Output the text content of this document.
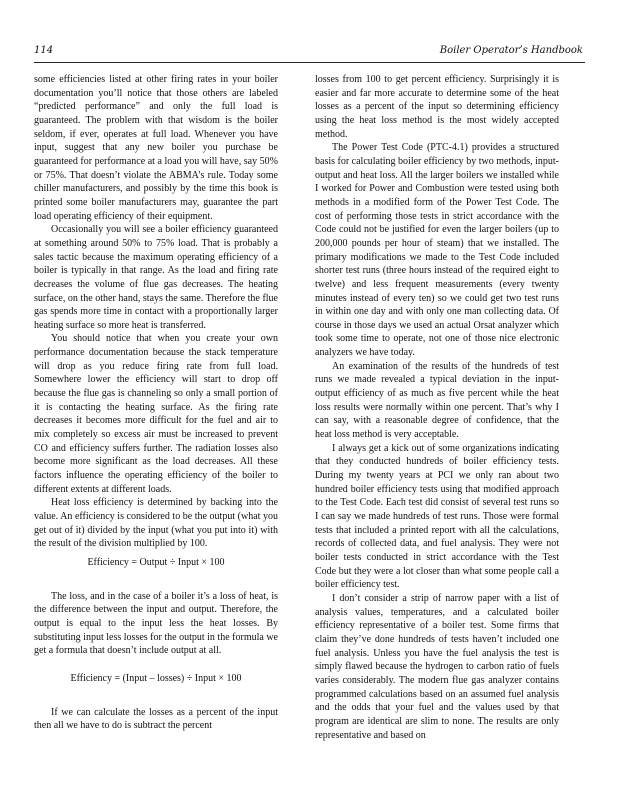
114	Boiler Operator’s Handbook

some efficiencies listed at other firing rates in your boiler documentation you’ll notice that those others are labeled “predicted performance” and only the full load is guaranteed. The problem with that wisdom is the boiler seldom, if ever, operates at full load. Whenever you have input, suggest that any new boiler you purchase be guaranteed for performance at a load you will have, say 50% or 75%. That doesn’t violate the ABMA’s rule. Today some chiller manufacturers, and possibly by the time this book is printed some boiler manufacturers may, guarantee the part load operating efficiency of their equipment.

Occasionally you will see a boiler efficiency guaranteed at something around 50% to 75% load. That is probably a sales tactic because the maximum operating efficiency of a boiler is typically in that range. As the load and firing rate decreases the volume of flue gas decreases. The heating surface, on the other hand, stays the same. Therefore the flue gas spends more time in contact with a proportionally larger heating surface so more heat is transferred.

You should notice that when you create your own performance documentation because the stack temperature will drop as you reduce firing rate from full load. Somewhere lower the efficiency will start to drop off because the flue gas is channeling so only a small portion of it is contacting the heating surface. As the firing rate decreases it becomes more difficult for the fuel and air to mix completely so excess air must be increased to prevent CO and efficiency suffers further. The radiation losses also become more significant as the load decreases. All these factors influence the operating efficiency of the boiler to different extents at different loads.

Heat loss efficiency is determined by backing into the value. An efficiency is considered to be the output (what you get out of it) divided by the input (what you put into it) with the result of the division multiplied by 100.

Efficiency = Output ÷ Input × 100

The loss, and in the case of a boiler it’s a loss of heat, is the difference between the input and output. Therefore, the output is equal to the input less the heat losses. By substituting input less losses for the output in the formula we get a formula that doesn’t include output at all.

Efficiency = (Input – losses) ÷ Input × 100

If we can calculate the losses as a percent of the input then all we have to do is subtract the percent

losses from 100 to get percent efficiency. Surprisingly it is easier and far more accurate to determine some of the heat losses as a percent of the input so determining efficiency using the heat loss method is the most widely accepted method.

The Power Test Code (PTC-4.1) provides a structured basis for calculating boiler efficiency by two methods, input-output and heat loss. All the larger boilers we installed while I worked for Power and Combustion were tested using both methods in a modified form of the Power Test Code. The cost of performing those tests in strict accordance with the Code could not be justified for even the larger boilers (up to 200,000 pounds per hour of steam) that we installed. The primary modifications we made to the Test Code included shorter test runs (three hours instead of the required eight to twelve) and less frequent measurements (every twenty minutes instead of every ten) so we could get two test runs in within one day and with only one man collecting data. Of course in those days we used an actual Orsat analyzer which took some time to operate, not one of those nice electronic analyzers we have today.

An examination of the results of the hundreds of test runs we made revealed a typical deviation in the input-output efficiency of as much as five percent while the heat loss results were normally within one percent. That’s why I can say, with a reasonable degree of confidence, that the heat loss method is very acceptable.

I always get a kick out of some organizations indicating that they conducted hundreds of boiler efficiency tests. During my twenty years at PCI we only ran about two hundred boiler efficiency tests using that modified approach to the Test Code. Each test did consist of several test runs so I can say we made hundreds of test runs. Those were formal tests that included a printed report with all the calculations, records of collected data, and fuel analysis. They were not boiler tests conducted in strict accordance with the Test Code but they were a lot closer than what some people call a boiler efficiency test.

I don’t consider a strip of narrow paper with a list of analysis values, temperatures, and a calculated boiler efficiency representative of a boiler test. Some firms that claim they’ve done hundreds of tests haven’t included one fuel analysis. Unless you have the fuel analysis the test is simply flawed because the hydrogen to carbon ratio of fuels varies considerably. The modern flue gas analyzer contains programmed calculations based on an assumed fuel analysis and the odds that your fuel and the values used by that program are identical are slim to none. The results are only representative and based on
